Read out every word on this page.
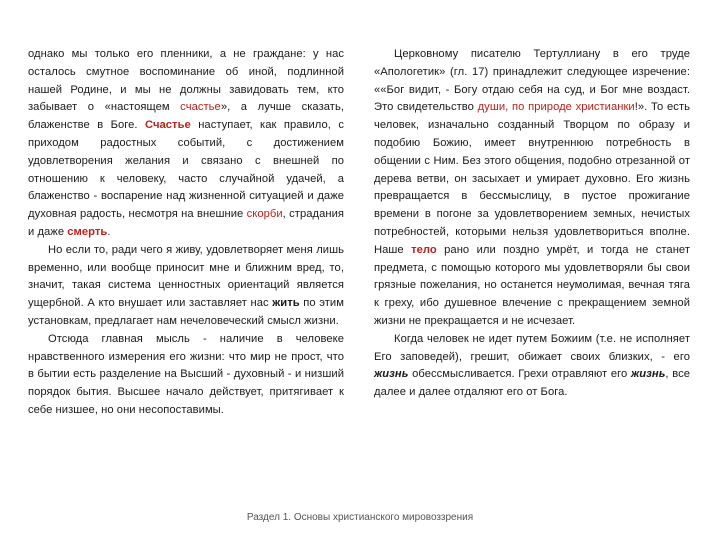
однако мы только его пленники, а не граждане: у нас осталось смутное воспоминание об иной, подлинной нашей Родине, и мы не должны завидовать тем, кто забывает о «настоящем счастье», а лучше сказать, блаженстве в Боге. Счастье наступает, как правило, с приходом радостных событий, с достижением удовлетворения желания и связано с внешней по отношению к человеку, часто случайной удачей, а блаженство - воспарение над жизненной ситуацией и даже духовная радость, несмотря на внешние скорби, страдания и даже смерть.

Но если то, ради чего я живу, удовлетворяет меня лишь временно, или вообще приносит мне и ближним вред, то, значит, такая система ценностных ориентаций является ущербной. А кто внушает или заставляет нас жить по этим установкам, предлагает нам нечеловеческий смысл жизни.

Отсюда главная мысль - наличие в человеке нравственного измерения его жизни: что мир не прост, что в бытии есть разделение на Высший - духовный - и низший порядок бытия. Высшее начало действует, притягивает к себе низшее, но они несопоставимы.

Церковному писателю Тертуллиану в его труде «Апологетик» (гл. 17) принадлежит следующее изречение: ««Бог видит, - Богу отдаю себя на суд, и Бог мне воздаст. Это свидетельство души, по природе христианки!». То есть человек, изначально созданный Творцом по образу и подобию Божию, имеет внутреннюю потребность в общении с Ним. Без этого общения, подобно отрезанной от дерева ветви, он засыхает и умирает духовно. Его жизнь превращается в бессмыслицу, в пустое прожигание времени в погоне за удовлетворением земных, нечистых потребностей, которыми нельзя удовлетвориться вполне. Наше тело рано или поздно умрёт, и тогда не станет предмета, с помощью которого мы удовлетворяли бы свои грязные пожелания, но останется неумолимая, вечная тяга к греху, ибо душевное влечение с прекращением земной жизни не прекращается и не исчезает.

Когда человек не идет путем Божиим (т.е. не исполняет Его заповедей), грешит, обижает своих близких, - его жизнь обессмысливается. Грехи отравляют его жизнь, все далее и далее отдаляют его от Бога.

Раздел 1. Основы христианского мировоззрения
